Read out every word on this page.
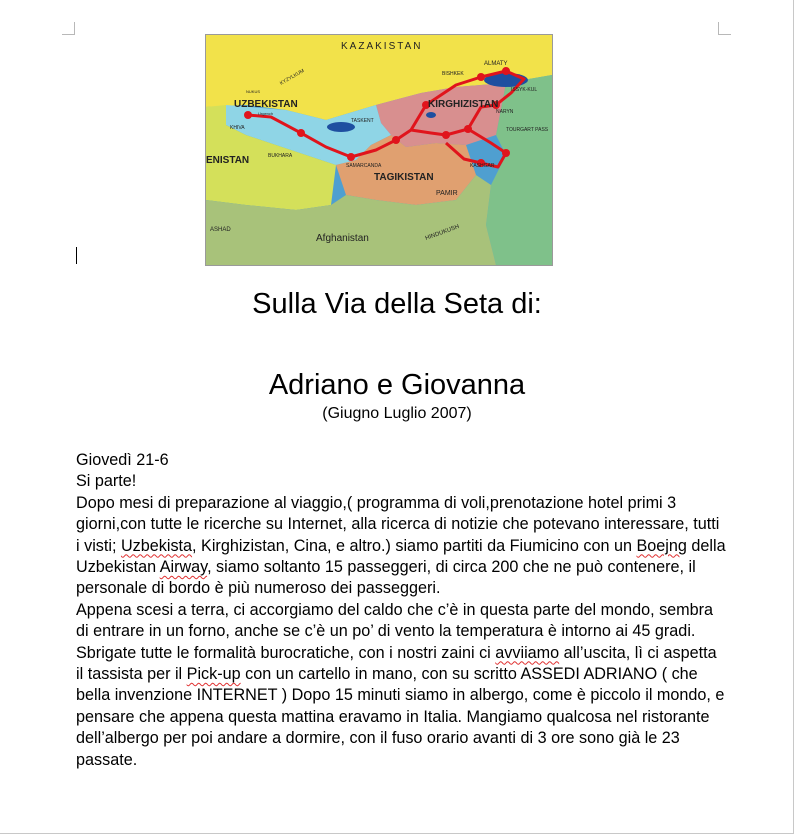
KAZAKISTAN
UZBEKISTAN	KIRGHIZISTAN
TAGIKISTAN
Afghanistan
ENISTAN
PAMIR
ALMATY
BISHKEK
ISSYK-KUL
TASKENT
KHIVA
BUKHARA
SAMARCANDA
TOURGART PASS
KASHGAR
NARYN
Urgench
NUKUS
KYZYLKUM
ASHAD	HINDUKUSH
Sulla Via della Seta di:
Adriano e Giovanna
(Giugno Luglio 2007)

Giovedì 21-6

Si parte!

Dopo mesi di preparazione al viaggio,( programma di voli,prenotazione hotel primi 3 giorni,con tutte le ricerche su Internet, alla ricerca di notizie che potevano interessare, tutti i visti; Uzbekista, Kirghizistan, Cina, e altro.) siamo partiti da Fiumicino con un Boejng della Uzbekistan Airway, siamo soltanto 15 passeggeri, di circa 200 che ne può contenere, il personale di bordo è più numeroso dei passeggeri.

Appena scesi a terra, ci accorgiamo del caldo che c’è in questa parte del mondo, sembra di entrare in un forno, anche se c’è un po’ di vento la temperatura è intorno ai 45 gradi. Sbrigate tutte le formalità burocratiche, con i nostri zaini ci avviiamo all’uscita, lì ci aspetta il tassista per il Pick-up con un cartello in mano, con su scritto ASSEDI ADRIANO ( che bella invenzione INTERNET ) Dopo 15 minuti siamo in albergo, come è piccolo il mondo, e pensare che appena questa mattina eravamo in Italia. Mangiamo qualcosa nel ristorante dell’albergo per poi andare a dormire, con il fuso orario avanti di 3 ore sono già le 23 passate.
